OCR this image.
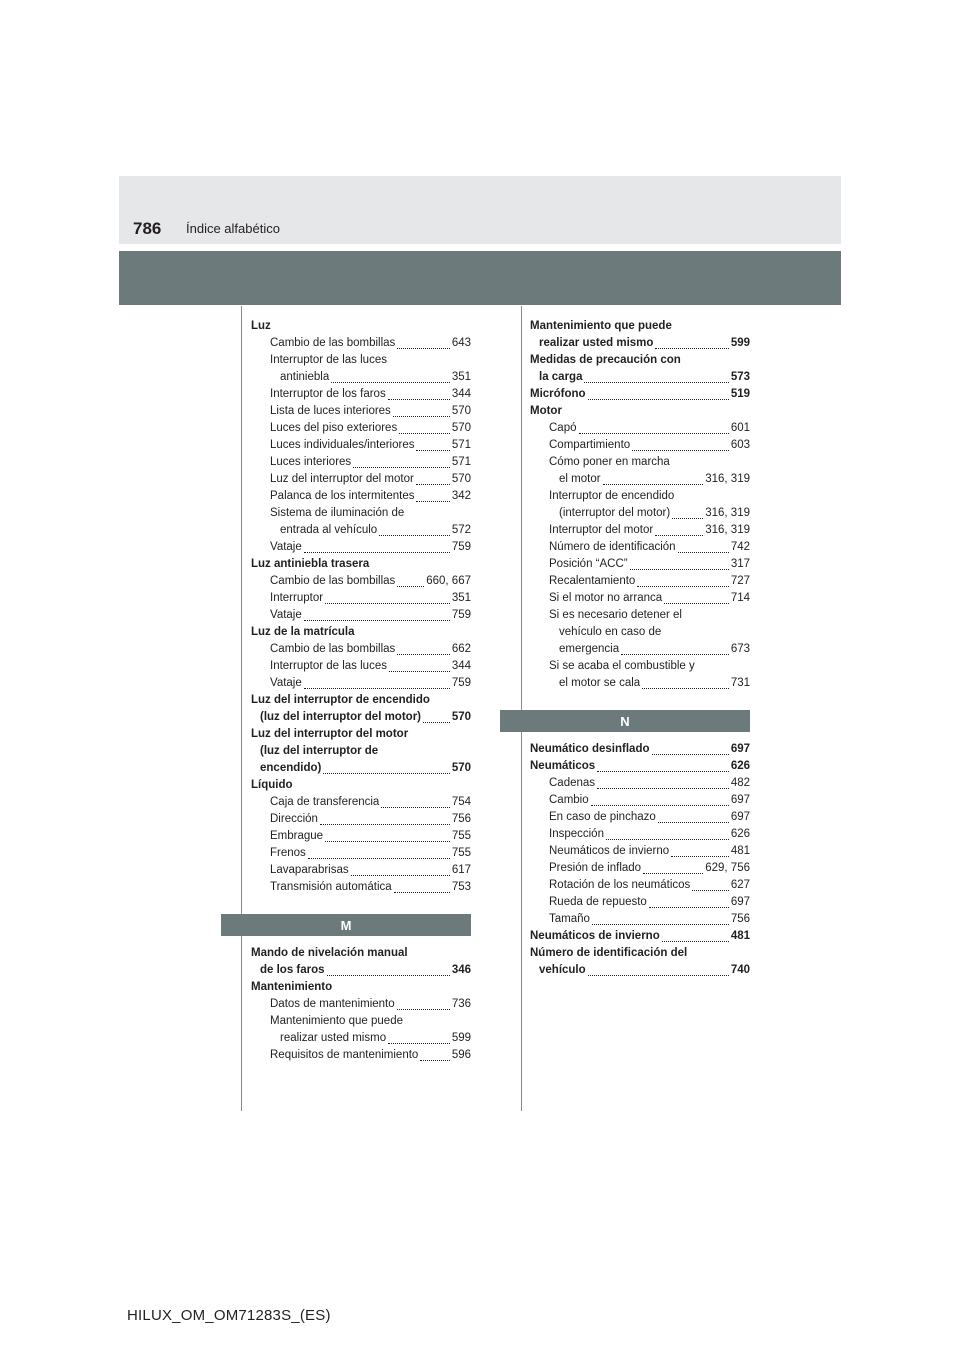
786 Índice alfabético
Luz
Cambio de las bombillas	643
Interruptor de las luces
antiniebla	351
Interruptor de los faros	344
Lista de luces interiores	570
Luces del piso exteriores	570
Luces individuales/interiores	571
Luces interiores	571
Luz del interruptor del motor	570
Palanca de los intermitentes	342
Sistema de iluminación de
entrada al vehículo	572
Vataje	759
Luz antiniebla trasera
Cambio de las bombillas	660, 667
Interruptor	351
Vataje	759
Luz de la matrícula
Cambio de las bombillas	662
Interruptor de las luces	344
Vataje	759
Luz del interruptor de encendido
(luz del interruptor del motor)	570
Luz del interruptor del motor
(luz del interruptor de
encendido)	570
Líquido
Caja de transferencia	754
Dirección	756
Embrague	755
Frenos	755
Lavaparabrisas	617
Transmisión automática	753
M
Mando de nivelación manual
de los faros	346
Mantenimiento
Datos de mantenimiento	736
Mantenimiento que puede
realizar usted mismo	599
Requisitos de mantenimiento	596
Mantenimiento que puede
realizar usted mismo	599
Medidas de precaución con
la carga	573
Micrófono	519
Motor
Capó	601
Compartimiento	603
Cómo poner en marcha
el motor	316, 319
Interruptor de encendido
(interruptor del motor)	316, 319
Interruptor del motor	316, 319
Número de identificación	742
Posición “ACC”	317
Recalentamiento	727
Si el motor no arranca	714
Si es necesario detener el
vehículo en caso de
emergencia	673
Si se acaba el combustible y
el motor se cala	731
N
Neumático desinflado	697
Neumáticos	626
Cadenas	482
Cambio	697
En caso de pinchazo	697
Inspección	626
Neumáticos de invierno	481
Presión de inflado	629, 756
Rotación de los neumáticos	627
Rueda de repuesto	697
Tamaño	756
Neumáticos de invierno	481
Número de identificación del
vehículo	740
HILUX_OM_OM71283S_(ES)
